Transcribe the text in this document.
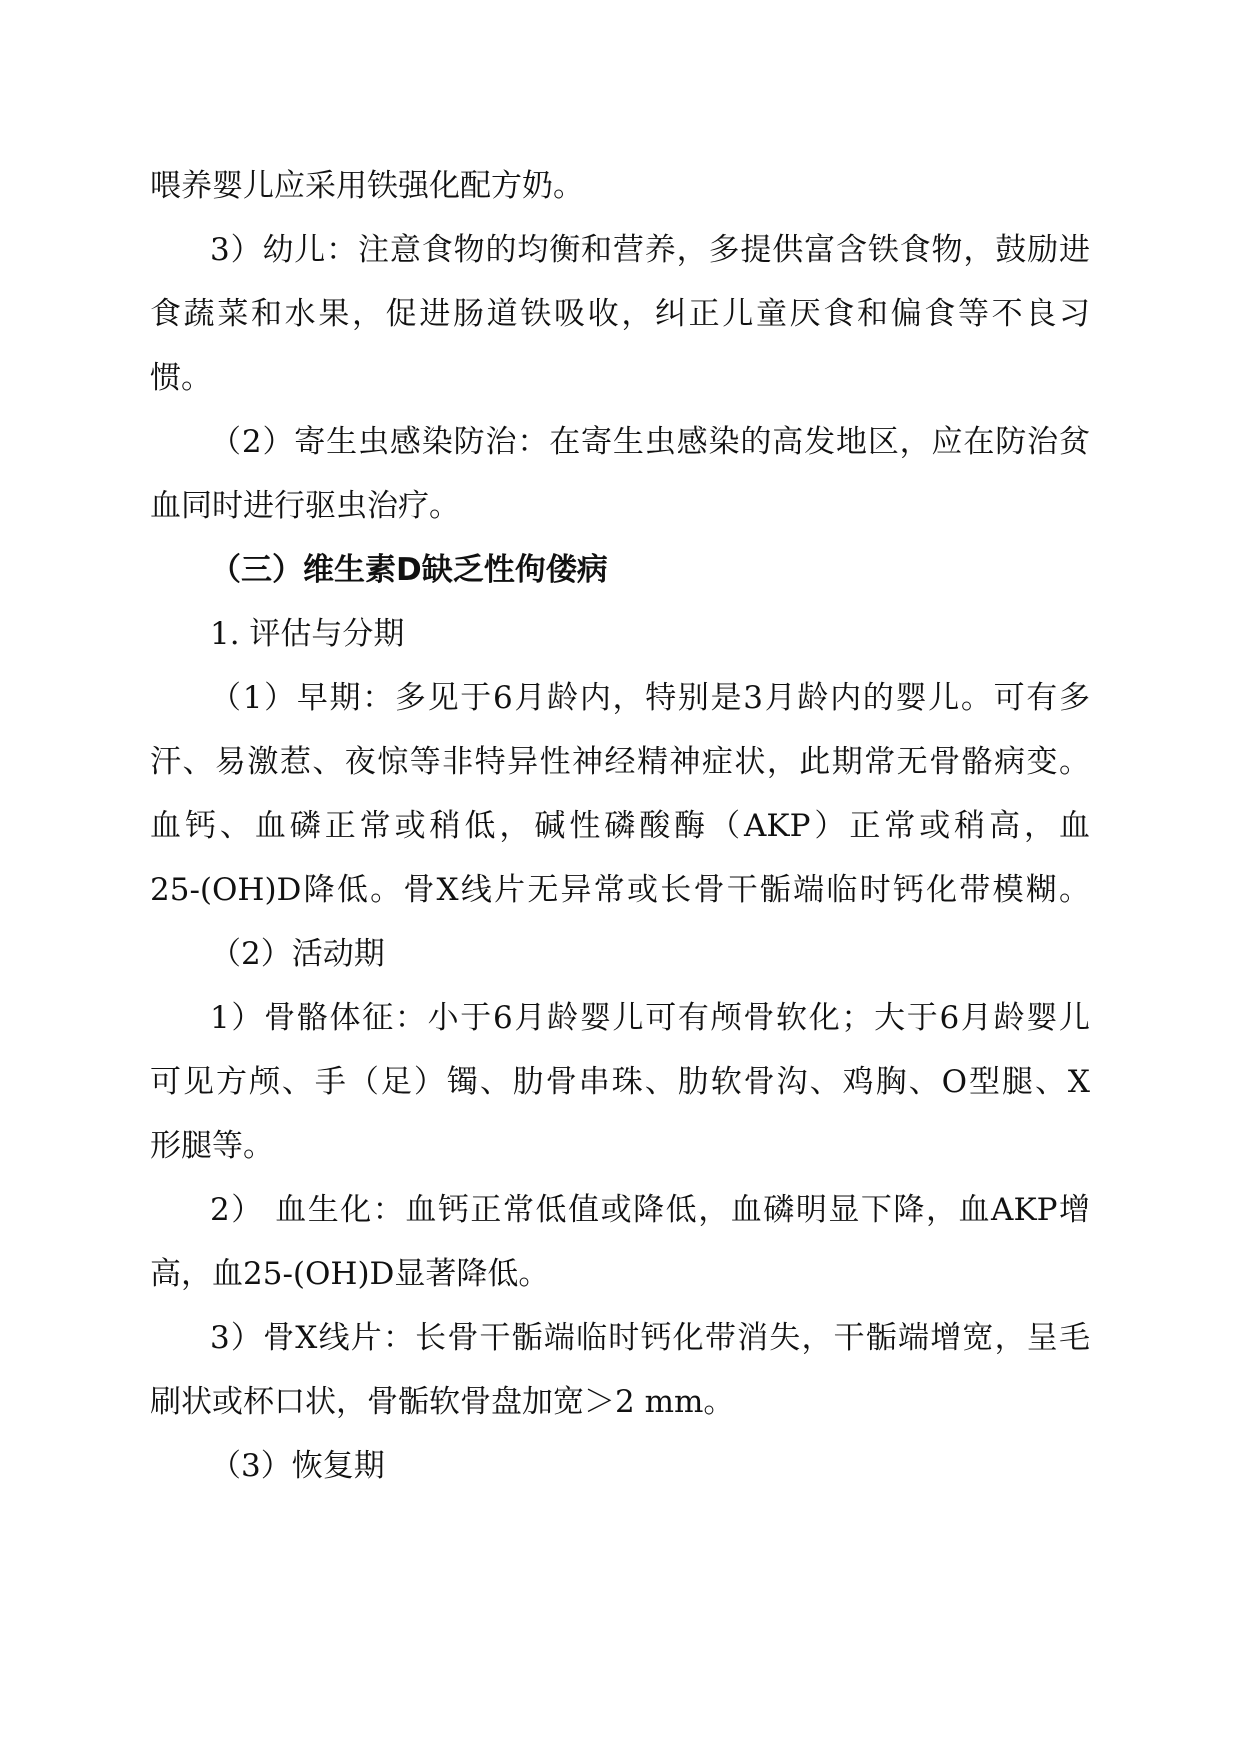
喂养婴儿应采用铁强化配方奶。
3）幼儿：注意食物的均衡和营养，多提供富含铁食物，鼓励进
食蔬菜和水果，促进肠道铁吸收，纠正儿童厌食和偏食等不良习
惯。
（2）寄生虫感染防治：在寄生虫感染的高发地区，应在防治贫
血同时进行驱虫治疗。
（三）维生素D缺乏性佝偻病
1. 评估与分期
（1）早期：多见于6月龄内，特别是3月龄内的婴儿。可有多
汗、易激惹、夜惊等非特异性神经精神症状，此期常无骨骼病变。
血钙、血磷正常或稍低，碱性磷酸酶（AKP）正常或稍高，血
25-(OH)D降低。骨X线片无异常或长骨干骺端临时钙化带模糊。
（2）活动期
1）骨骼体征：小于6月龄婴儿可有颅骨软化；大于6月龄婴儿
可见方颅、手（足）镯、肋骨串珠、肋软骨沟、鸡胸、O型腿、X
形腿等。
2） 血生化：血钙正常低值或降低，血磷明显下降，血AKP增
高，血25-(OH)D显著降低。
3）骨X线片：长骨干骺端临时钙化带消失，干骺端增宽，呈毛
刷状或杯口状，骨骺软骨盘加宽＞2 mm。
（3）恢复期
